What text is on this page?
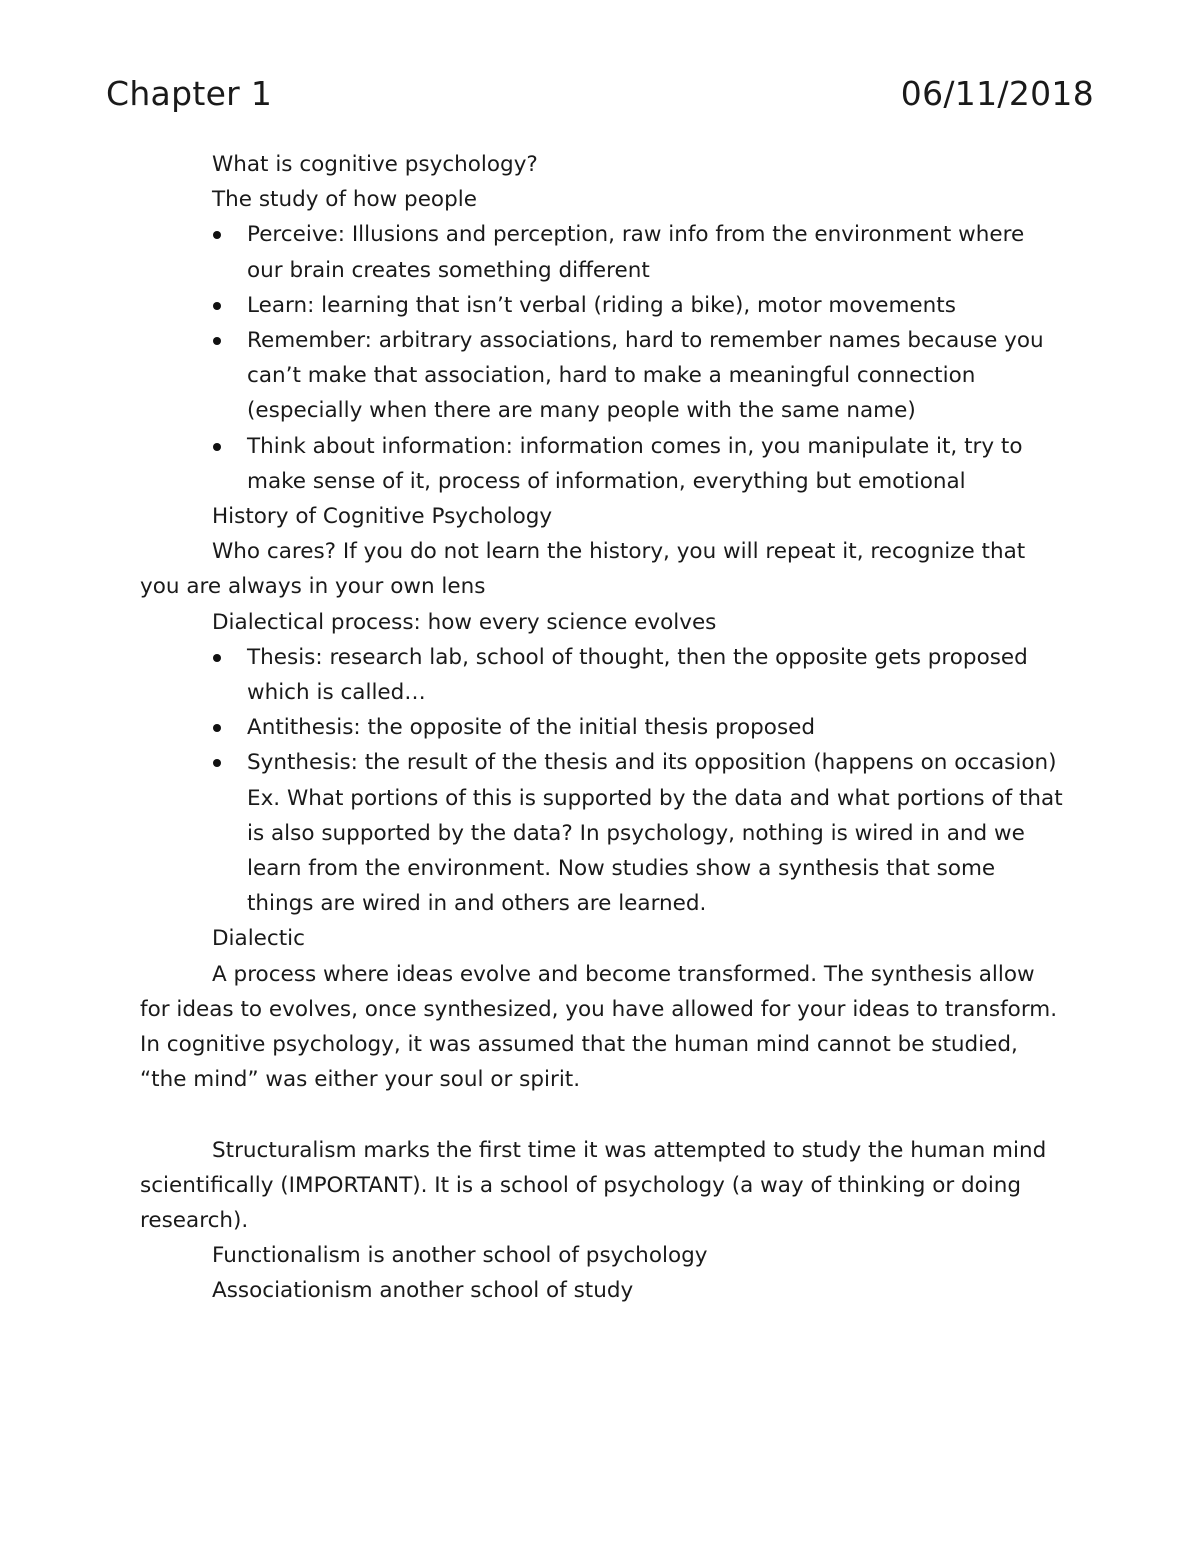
Chapter 1	06/11/2018

What is cognitive psychology?

The study of how people

Perceive: Illusions and perception, raw info from the environment where our brain creates something different

Learn: learning that isn’t verbal (riding a bike), motor movements

Remember: arbitrary associations, hard to remember names because you can’t make that association, hard to make a meaningful connection (especially when there are many people with the same name)

Think about information: information comes in, you manipulate it, try to make sense of it, process of information, everything but emotional

History of Cognitive Psychology

Who cares? If you do not learn the history, you will repeat it, recognize that you are always in your own lens

Dialectical process: how every science evolves

Thesis: research lab, school of thought, then the opposite gets proposed which is called…

Antithesis: the opposite of the initial thesis proposed

Synthesis: the result of the thesis and its opposition (happens on occasion) Ex. What portions of this is supported by the data and what portions of that is also supported by the data? In psychology, nothing is wired in and we learn from the environment. Now studies show a synthesis that some things are wired in and others are learned.

Dialectic

A process where ideas evolve and become transformed. The synthesis allow for ideas to evolves, once synthesized, you have allowed for your ideas to transform. In cognitive psychology, it was assumed that the human mind cannot be studied, “the mind” was either your soul or spirit.

Structuralism marks the first time it was attempted to study the human mind scientifically (IMPORTANT). It is a school of psychology (a way of thinking or doing research).

Functionalism is another school of psychology

Associationism another school of study
